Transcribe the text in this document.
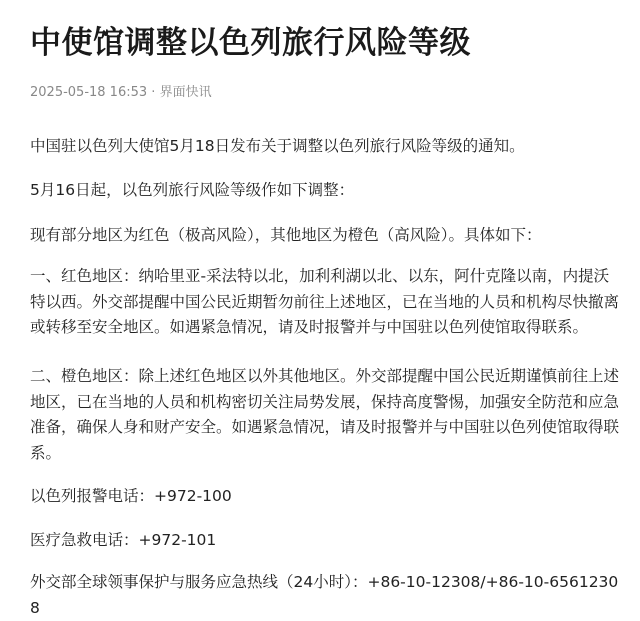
中使馆调整以色列旅行风险等级
2025-05-18 16:53 · 界面快讯

中国驻以色列大使馆5月18日发布关于调整以色列旅行风险等级的通知。

5月16日起，以色列旅行风险等级作如下调整：

现有部分地区为红色（极高风险），其他地区为橙色（高风险）。具体如下：

一、红色地区：纳哈里亚-采法特以北，加利利湖以北、以东，阿什克隆以南，内提沃特以西。外交部提醒中国公民近期暂勿前往上述地区，已在当地的人员和机构尽快撤离或转移至安全地区。如遇紧急情况，请及时报警并与中国驻以色列使馆取得联系。

二、橙色地区：除上述红色地区以外其他地区。外交部提醒中国公民近期谨慎前往上述地区，已在当地的人员和机构密切关注局势发展，保持高度警惕，加强安全防范和应急准备，确保人身和财产安全。如遇紧急情况，请及时报警并与中国驻以色列使馆取得联系。

以色列报警电话：+972-100

医疗急救电话：+972-101

外交部全球领事保护与服务应急热线（24小时）：+86-10-12308/+86-10-65612308
